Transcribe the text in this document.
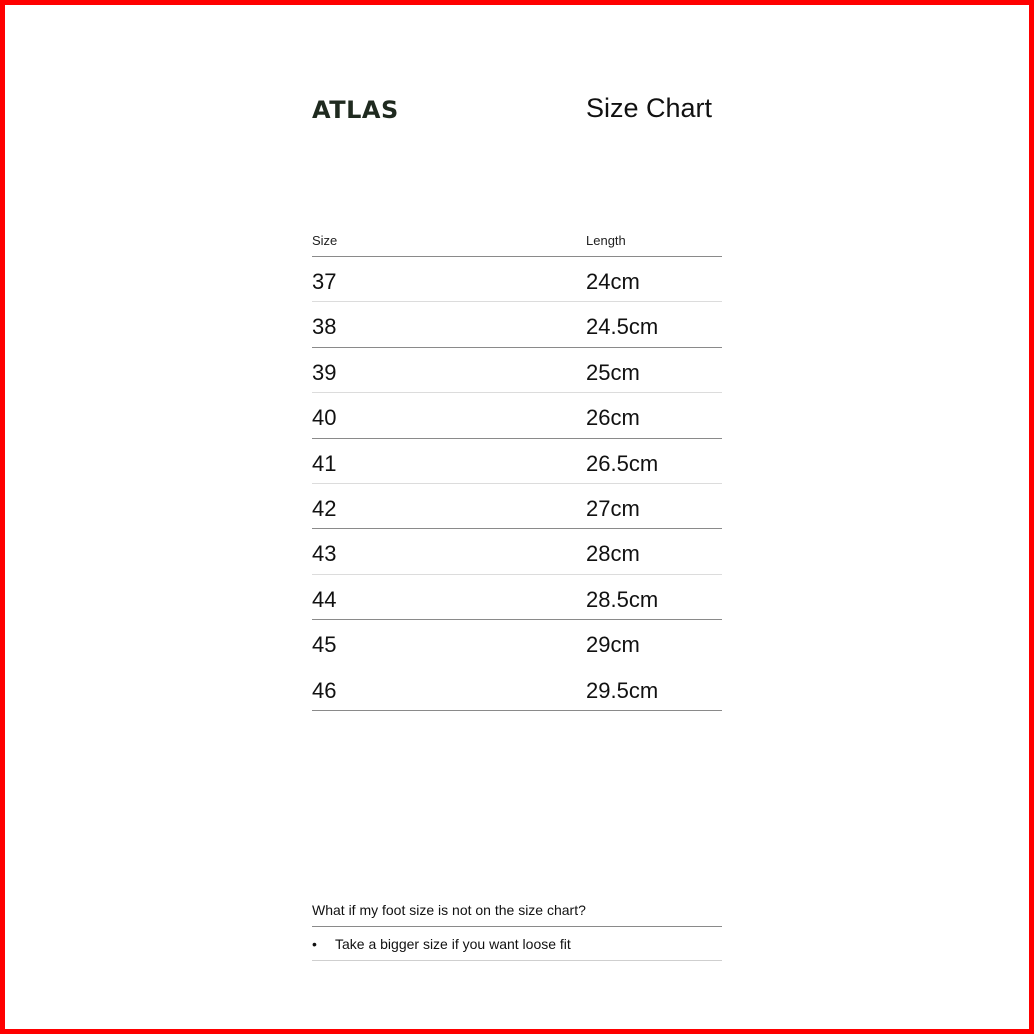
ATLAS	Size Chart
Size	Length
37	24cm
38	24.5cm
39	25cm
40	26cm
41	26.5cm
42	27cm
43	28cm
44	28.5cm
45	29cm
46	29.5cm
What if my foot size is not on the size chart?
• Take a bigger size if you want loose fit
